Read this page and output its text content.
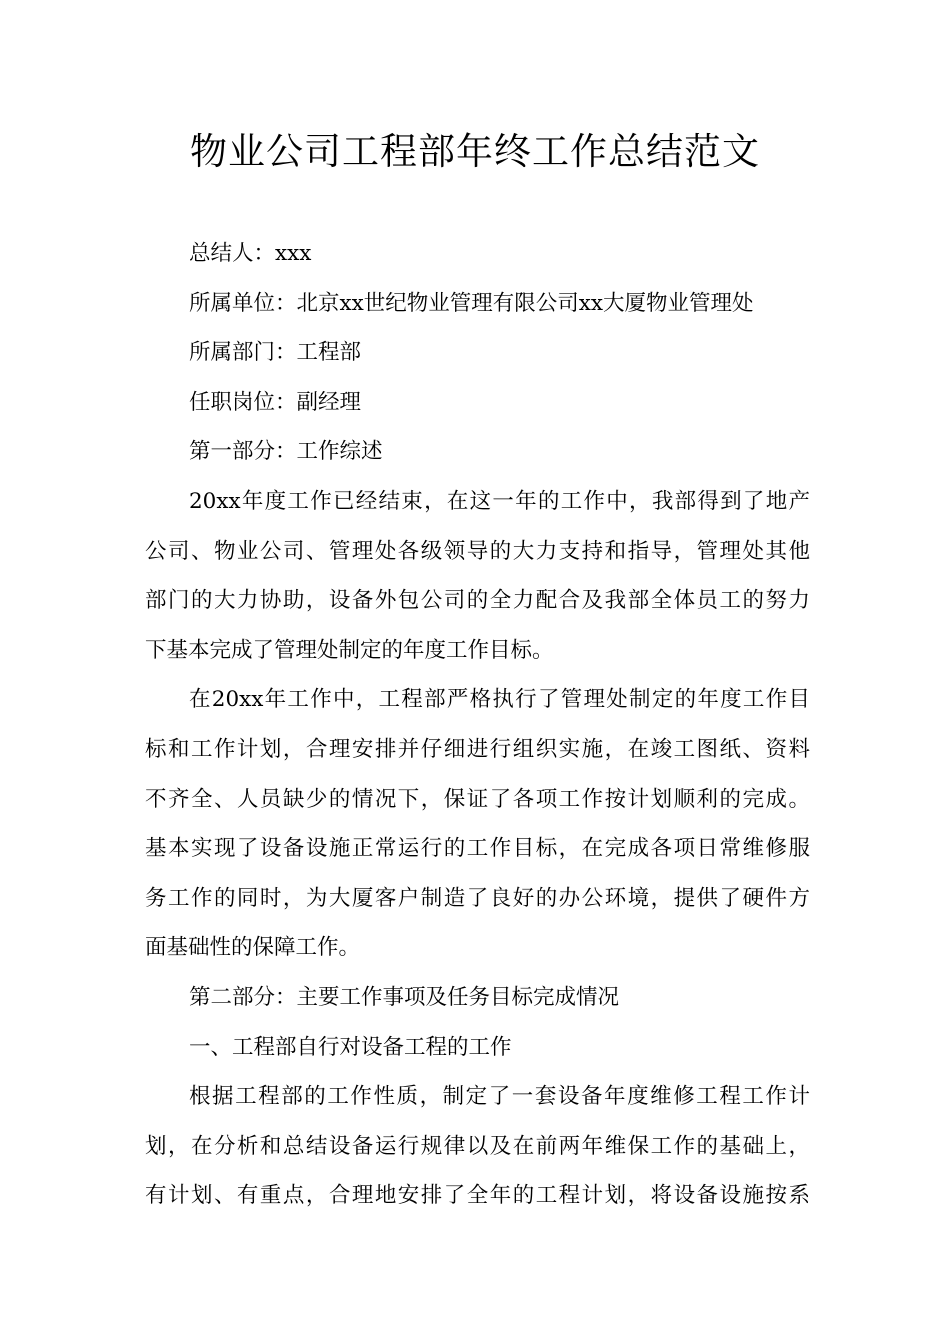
物业公司工程部年终工作总结范文
总结人：xxx
所属单位：北京xx世纪物业管理有限公司xx大厦物业管理处
所属部门：工程部
任职岗位：副经理
第一部分：工作综述
20xx年度工作已经结束，在这一年的工作中，我部得到了地产
公司、物业公司、管理处各级领导的大力支持和指导，管理处其他
部门的大力协助，设备外包公司的全力配合及我部全体员工的努力
下基本完成了管理处制定的年度工作目标。
在20xx年工作中，工程部严格执行了管理处制定的年度工作目
标和工作计划，合理安排并仔细进行组织实施，在竣工图纸、资料
不齐全、人员缺少的情况下，保证了各项工作按计划顺利的完成。
基本实现了设备设施正常运行的工作目标，在完成各项日常维修服
务工作的同时，为大厦客户制造了良好的办公环境，提供了硬件方
面基础性的保障工作。
第二部分：主要工作事项及任务目标完成情况
一、工程部自行对设备工程的工作
根据工程部的工作性质，制定了一套设备年度维修工程工作计
划，在分析和总结设备运行规律以及在前两年维保工作的基础上，
有计划、有重点，合理地安排了全年的工程计划，将设备设施按系
